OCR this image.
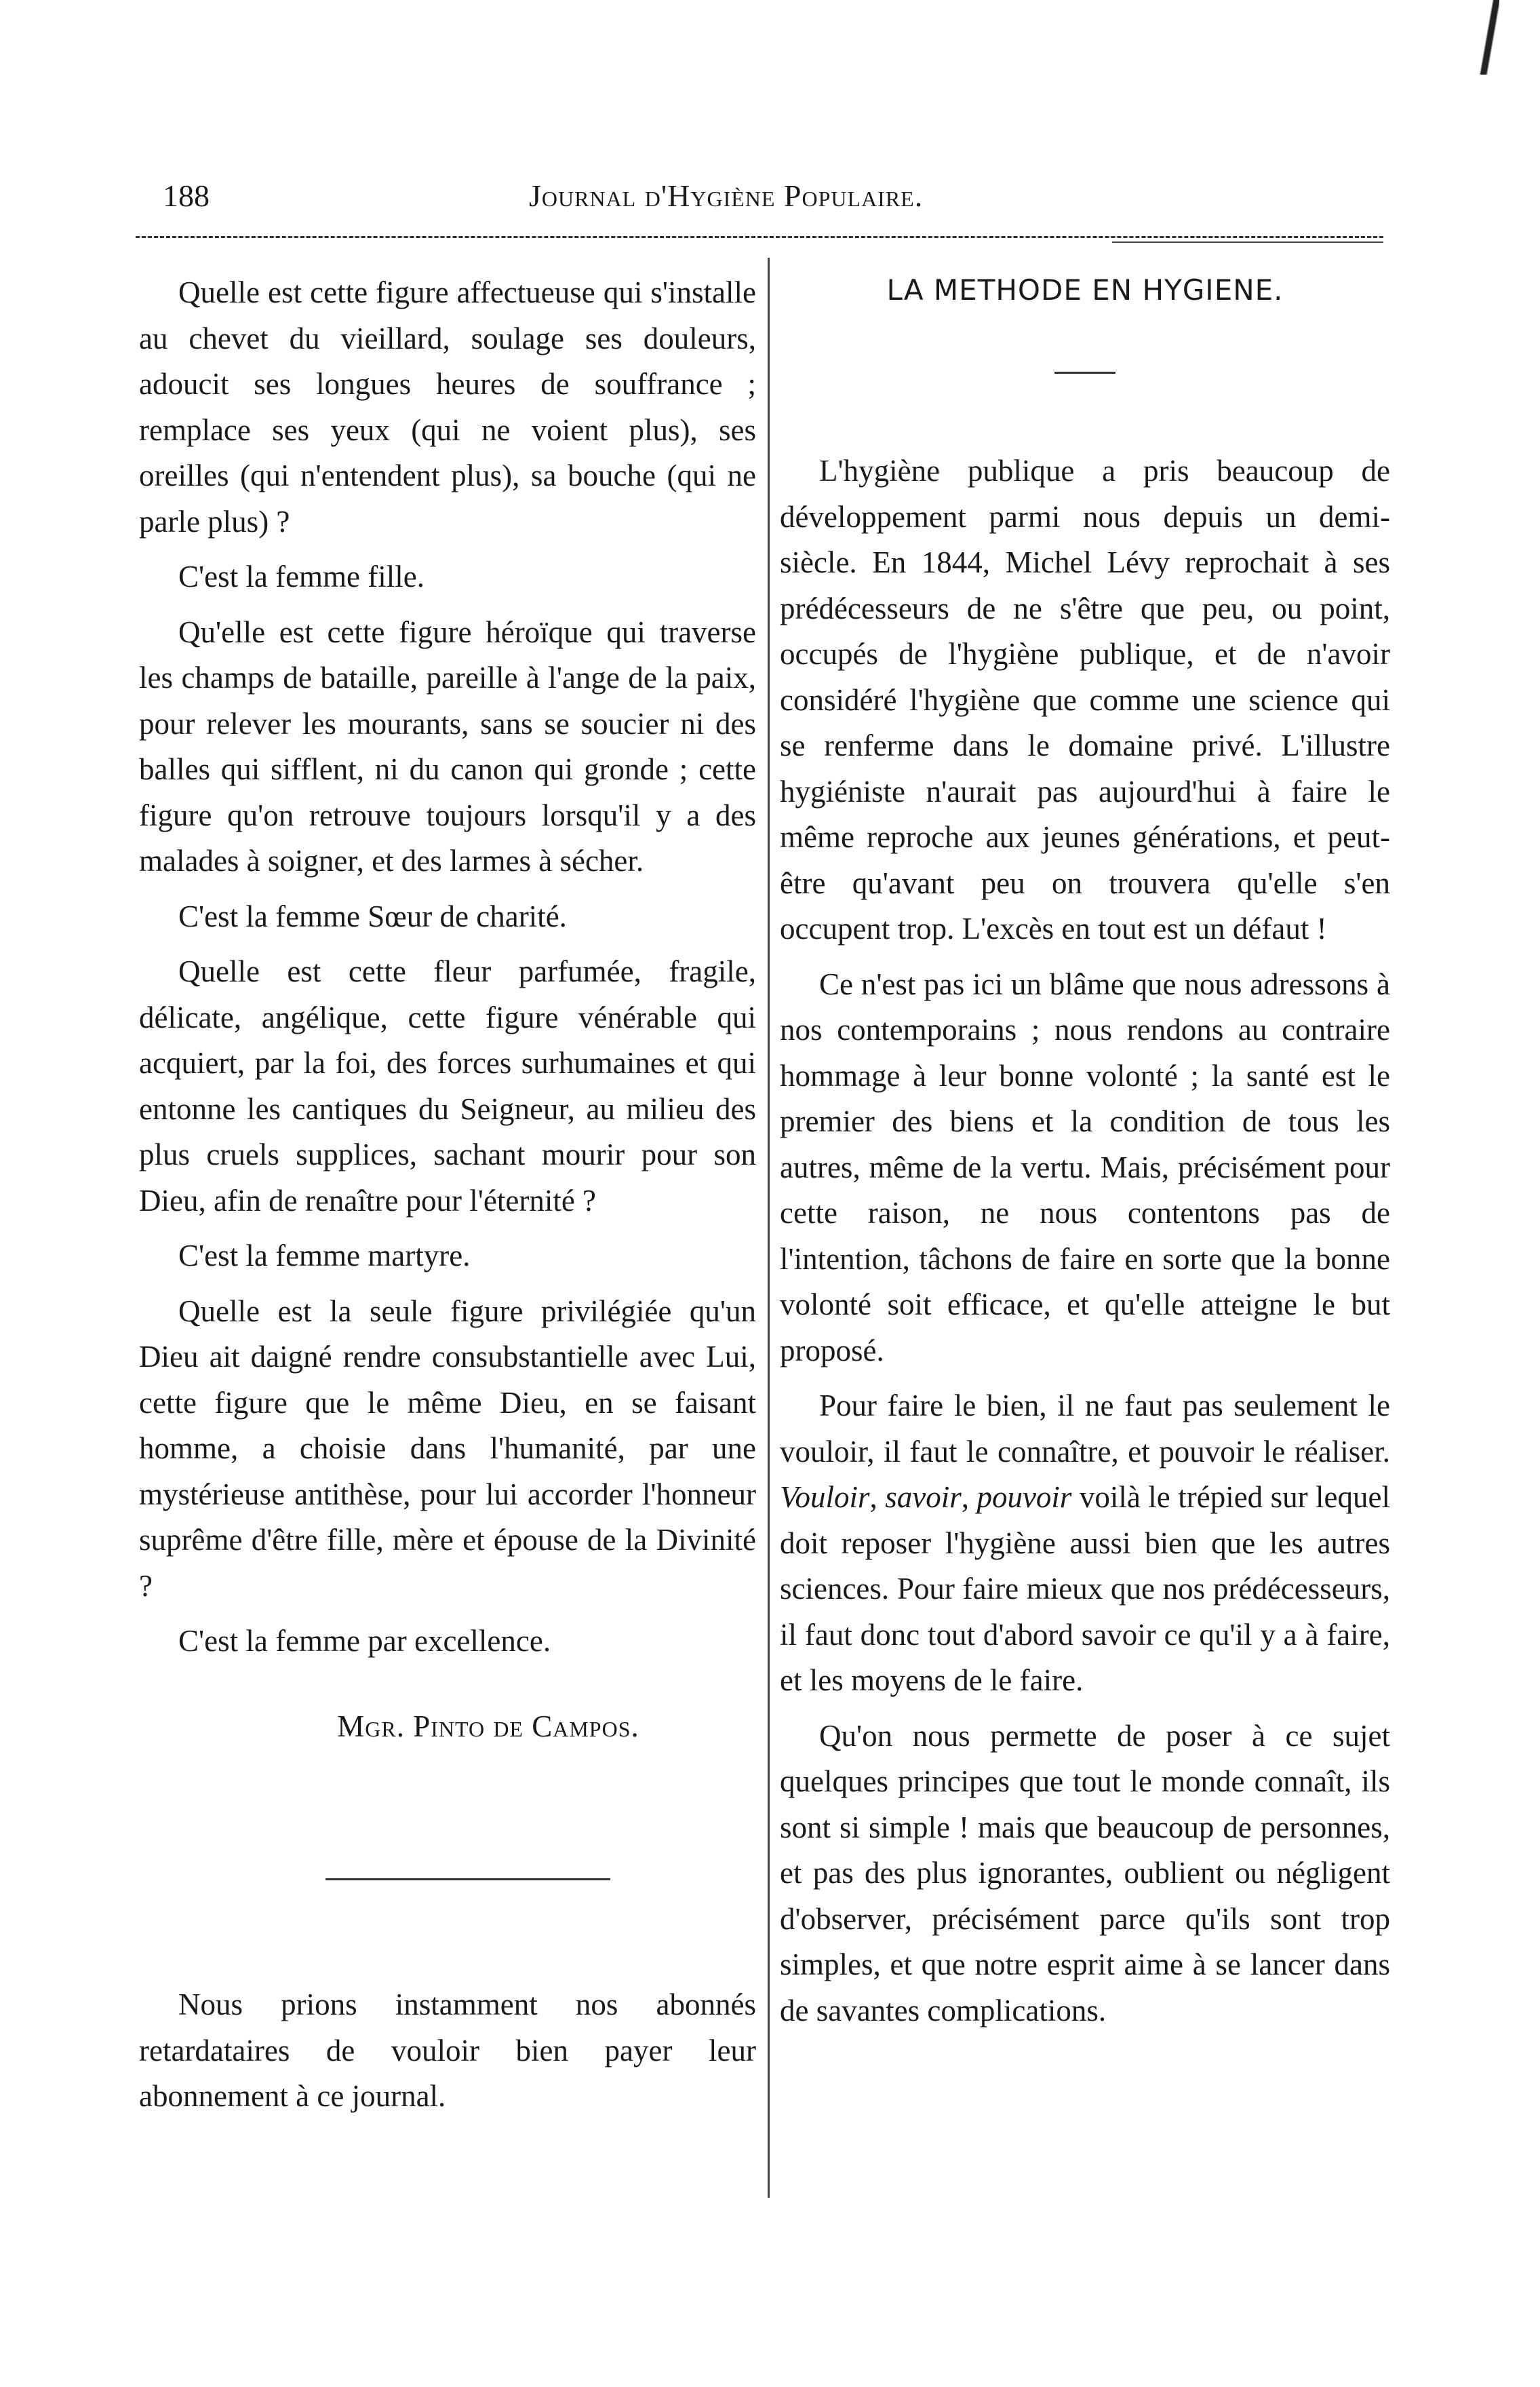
188	Journal d'Hygiène Populaire.

Quelle est cette figure affectueuse qui s'installe au chevet du vieillard, soulage ses douleurs, adoucit ses longues heures de souffrance ; remplace ses yeux (qui ne voient plus), ses oreilles (qui n'entendent plus), sa bouche (qui ne parle plus) ?

C'est la femme fille.

Qu'elle est cette figure héroïque qui traverse les champs de bataille, pareille à l'ange de la paix, pour relever les mourants, sans se soucier ni des balles qui sifflent, ni du canon qui gronde ; cette figure qu'on retrouve toujours lorsqu'il y a des malades à soigner, et des larmes à sécher.

C'est la femme Sœur de charité.

Quelle est cette fleur parfumée, fragile, délicate, angélique, cette figure vénérable qui acquiert, par la foi, des forces surhumaines et qui entonne les cantiques du Seigneur, au milieu des plus cruels supplices, sachant mourir pour son Dieu, afin de renaître pour l'éternité ?

C'est la femme martyre.

Quelle est la seule figure privilégiée qu'un Dieu ait daigné rendre consubstantielle avec Lui, cette figure que le même Dieu, en se faisant homme, a choisie dans l'humanité, par une mystérieuse antithèse, pour lui accorder l'honneur suprême d'être fille, mère et épouse de la Divinité ?

C'est la femme par excellence.

Mgr. Pinto de Campos.

Nous prions instamment nos abonnés retardataires de vouloir bien payer leur abonnement à ce journal.

LA METHODE EN HYGIENE.

L'hygiène publique a pris beaucoup de développement parmi nous depuis un demi-siècle. En 1844, Michel Lévy reprochait à ses prédécesseurs de ne s'être que peu, ou point, occupés de l'hygiène publique, et de n'avoir considéré l'hygiène que comme une science qui se renferme dans le domaine privé. L'illustre hygiéniste n'aurait pas aujourd'hui à faire le même reproche aux jeunes générations, et peut-être qu'avant peu on trouvera qu'elle s'en occupent trop. L'excès en tout est un défaut !

Ce n'est pas ici un blâme que nous adressons à nos contemporains ; nous rendons au contraire hommage à leur bonne volonté ; la santé est le premier des biens et la condition de tous les autres, même de la vertu. Mais, précisément pour cette raison, ne nous contentons pas de l'intention, tâchons de faire en sorte que la bonne volonté soit efficace, et qu'elle atteigne le but proposé.

Pour faire le bien, il ne faut pas seulement le vouloir, il faut le connaître, et pouvoir le réaliser. Vouloir, savoir, pouvoir voilà le trépied sur lequel doit reposer l'hygiène aussi bien que les autres sciences. Pour faire mieux que nos prédécesseurs, il faut donc tout d'abord savoir ce qu'il y a à faire, et les moyens de le faire.

Qu'on nous permette de poser à ce sujet quelques principes que tout le monde connaît, ils sont si simple ! mais que beaucoup de personnes, et pas des plus ignorantes, oublient ou négligent d'observer, précisément parce qu'ils sont trop simples, et que notre esprit aime à se lancer dans de savantes complications.
